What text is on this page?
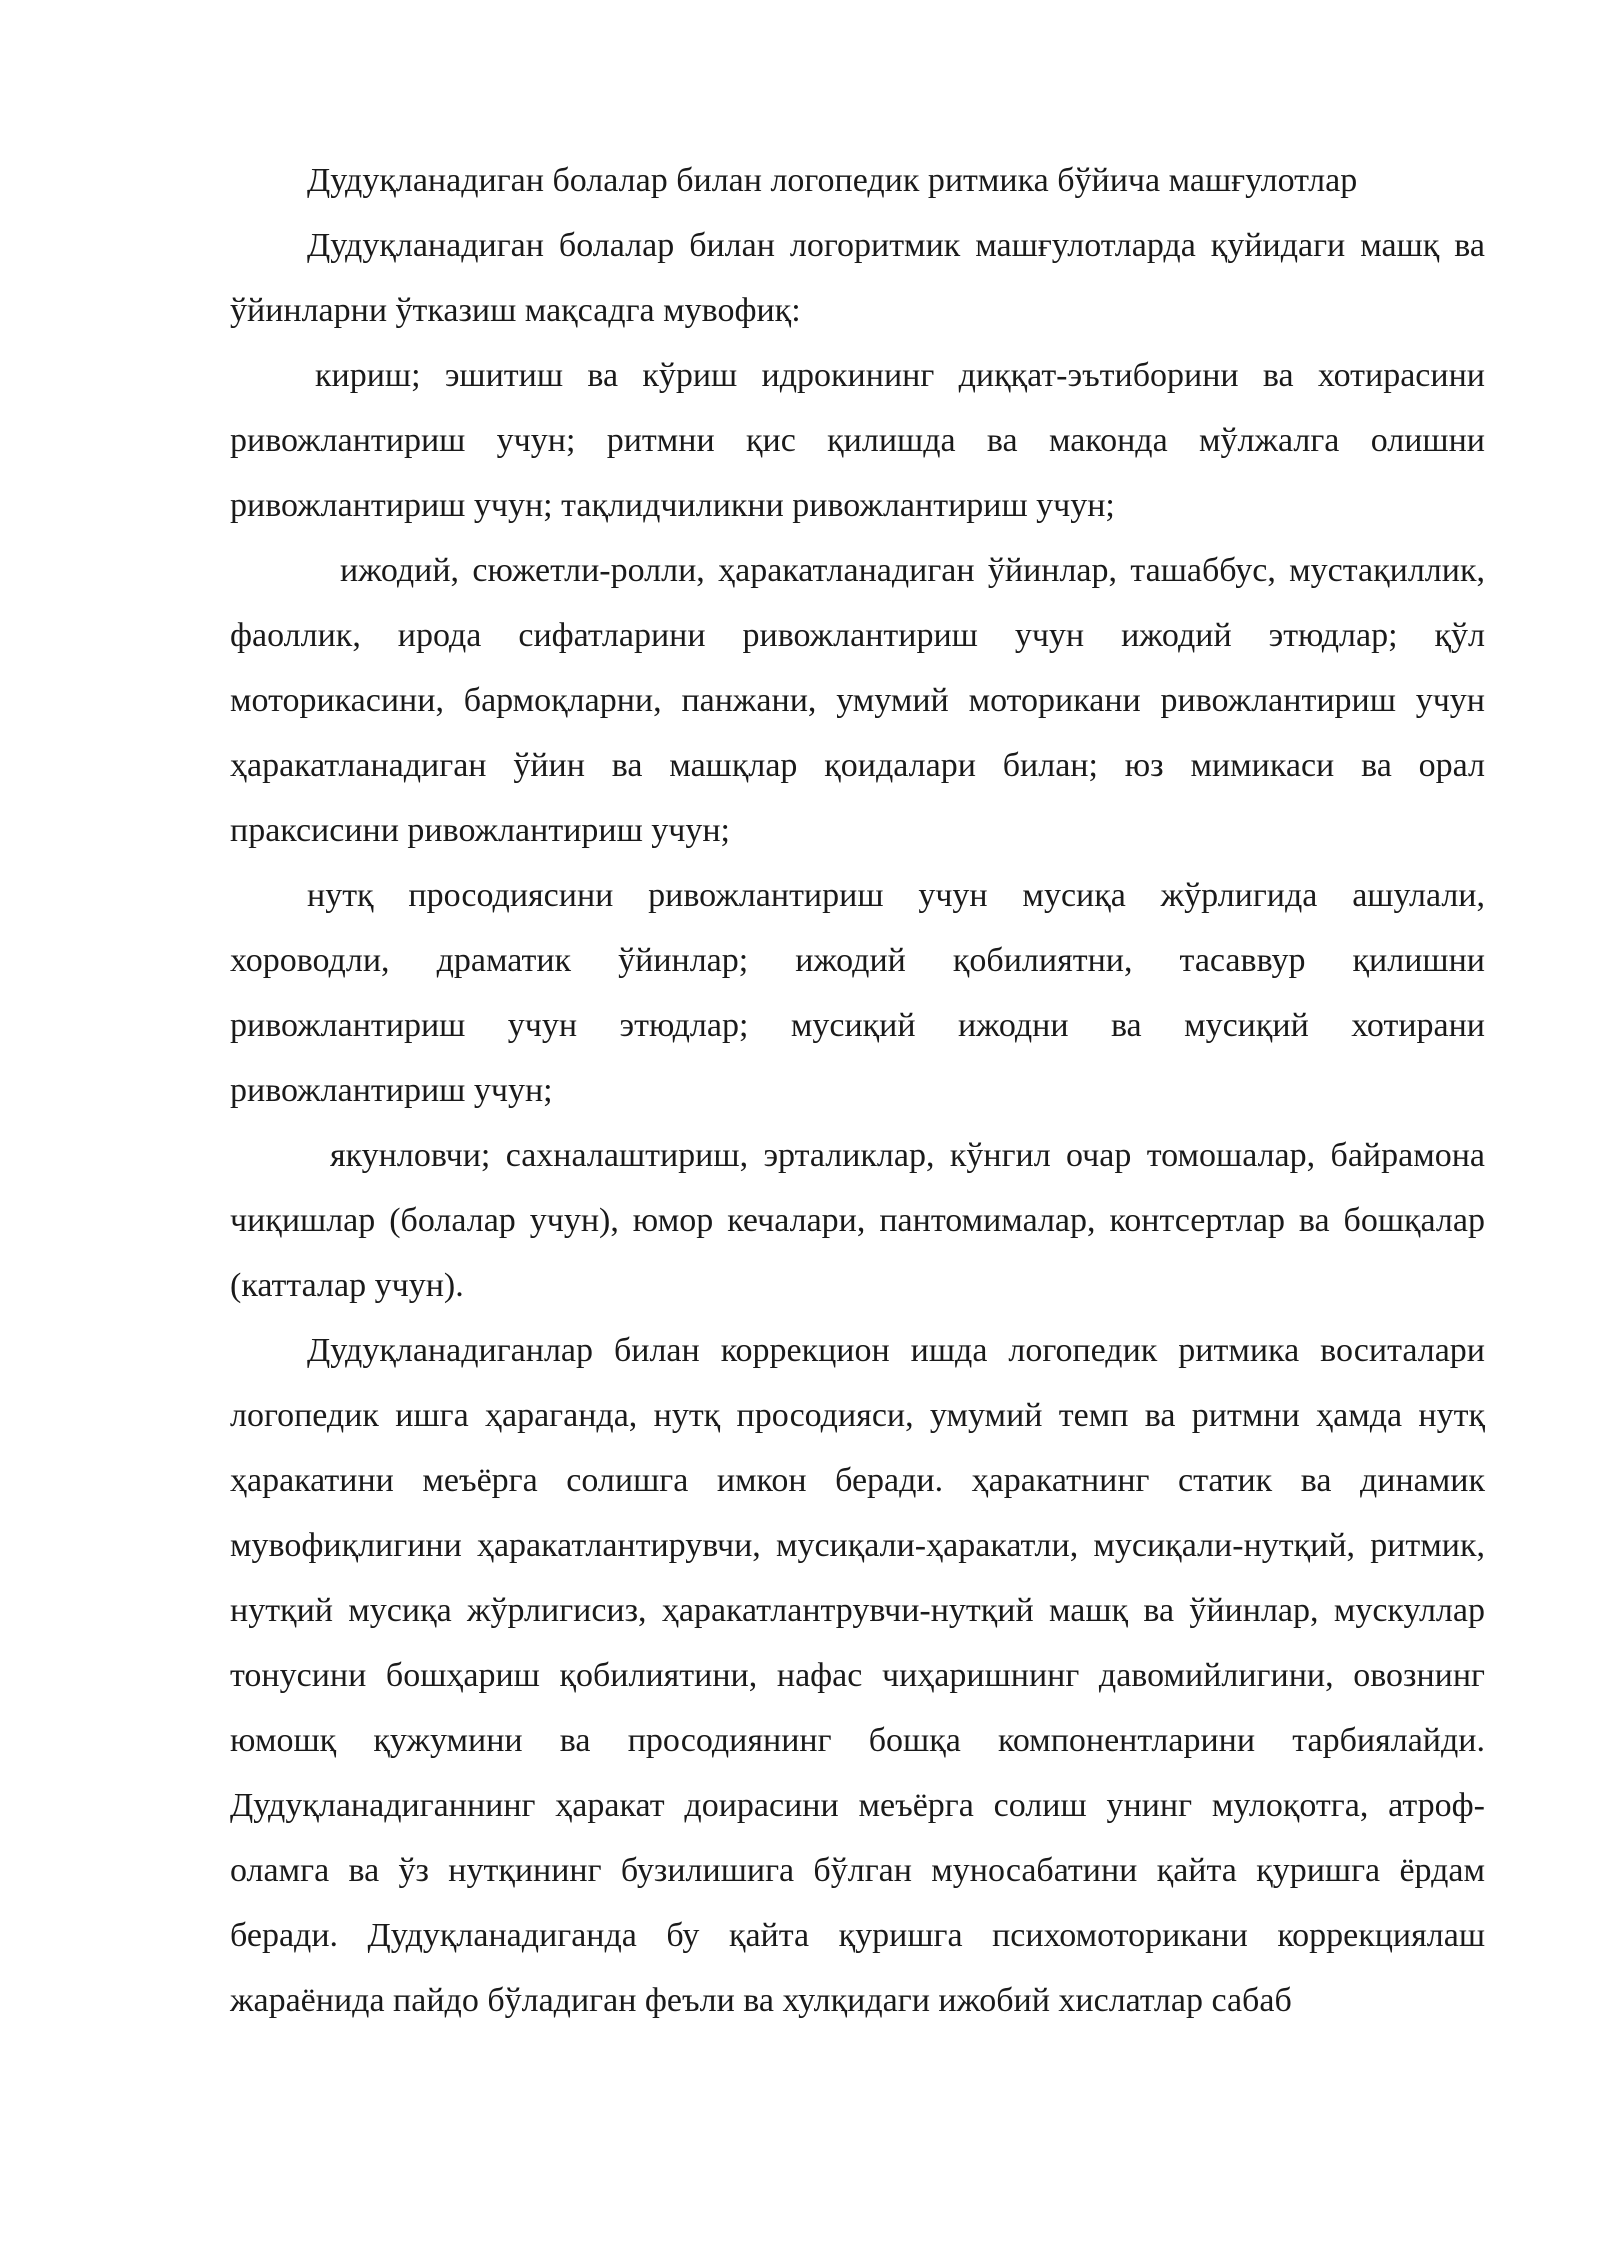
Дудуқланадиган болалар билан логопедик ритмика бўйича машғулотлар

Дудуқланадиган болалар билан логоритмик машғулотларда қуйидаги машқ ва ўйинларни ўтказиш мақсадга мувофиқ:

кириш; эшитиш ва кўриш идрокининг диққат-эътиборини ва хотирасини ривожлантириш учун; ритмни қис қилишда ва маконда мўлжалга олишни ривожлантириш учун; тақлидчиликни ривожлантириш учун;

ижодий, сюжетли-ролли, ҳаракатланадиган ўйинлар, ташаббус, мустақиллик, фаоллик, ирода сифатларини ривожлантириш учун ижодий этюдлар; қўл моторикасини, бармоқларни, панжани, умумий моторикани ривожлантириш учун ҳаракатланадиган ўйин ва машқлар қоидалари билан; юз мимикаси ва орал праксисини ривожлантириш учун;

нутқ просодиясини ривожлантириш учун мусиқа жўрлигида ашулали, хороводли, драматик ўйинлар; ижодий қобилиятни, тасаввур қилишни ривожлантириш учун этюдлар; мусиқий ижодни ва мусиқий хотирани ривожлантириш учун;

якунловчи; сахналаштириш, эрталиклар, кўнгил очар томошалар, байрамона чиқишлар (болалар учун), юмор кечалари, пантомималар, контсертлар ва бошқалар (катталар учун).

Дудуқланадиганлар билан коррекцион ишда логопедик ритмика воситалари логопедик ишга ҳараганда, нутқ просодияси, умумий темп ва ритмни ҳамда нутқ ҳаракатини меъёрга солишга имкон беради. ҳаракатнинг статик ва динамик мувофиқлигини ҳаракатлантирувчи, мусиқали-ҳаракатли, мусиқали-нутқий, ритмик, нутқий мусиқа жўрлигисиз, ҳаракатлантрувчи-нутқий машқ ва ўйинлар, мускуллар тонусини бошҳариш қобилиятини, нафас чиҳаришнинг давомийлигини, овознинг юмошқ қужумини ва просодиянинг бошқа компонентларини тарбиялайди. Дудуқланадиганнинг ҳаракат доирасини меъёрга солиш унинг мулоқотга, атроф-оламга ва ўз нутқининг бузилишига бўлган муносабатини қайта қуришга ёрдам беради. Дудуқланадиганда бу қайта қуришга психомоторикани коррекциялаш жараёнида пайдо бўладиган феъли ва хулқидаги ижобий хислатлар сабаб
